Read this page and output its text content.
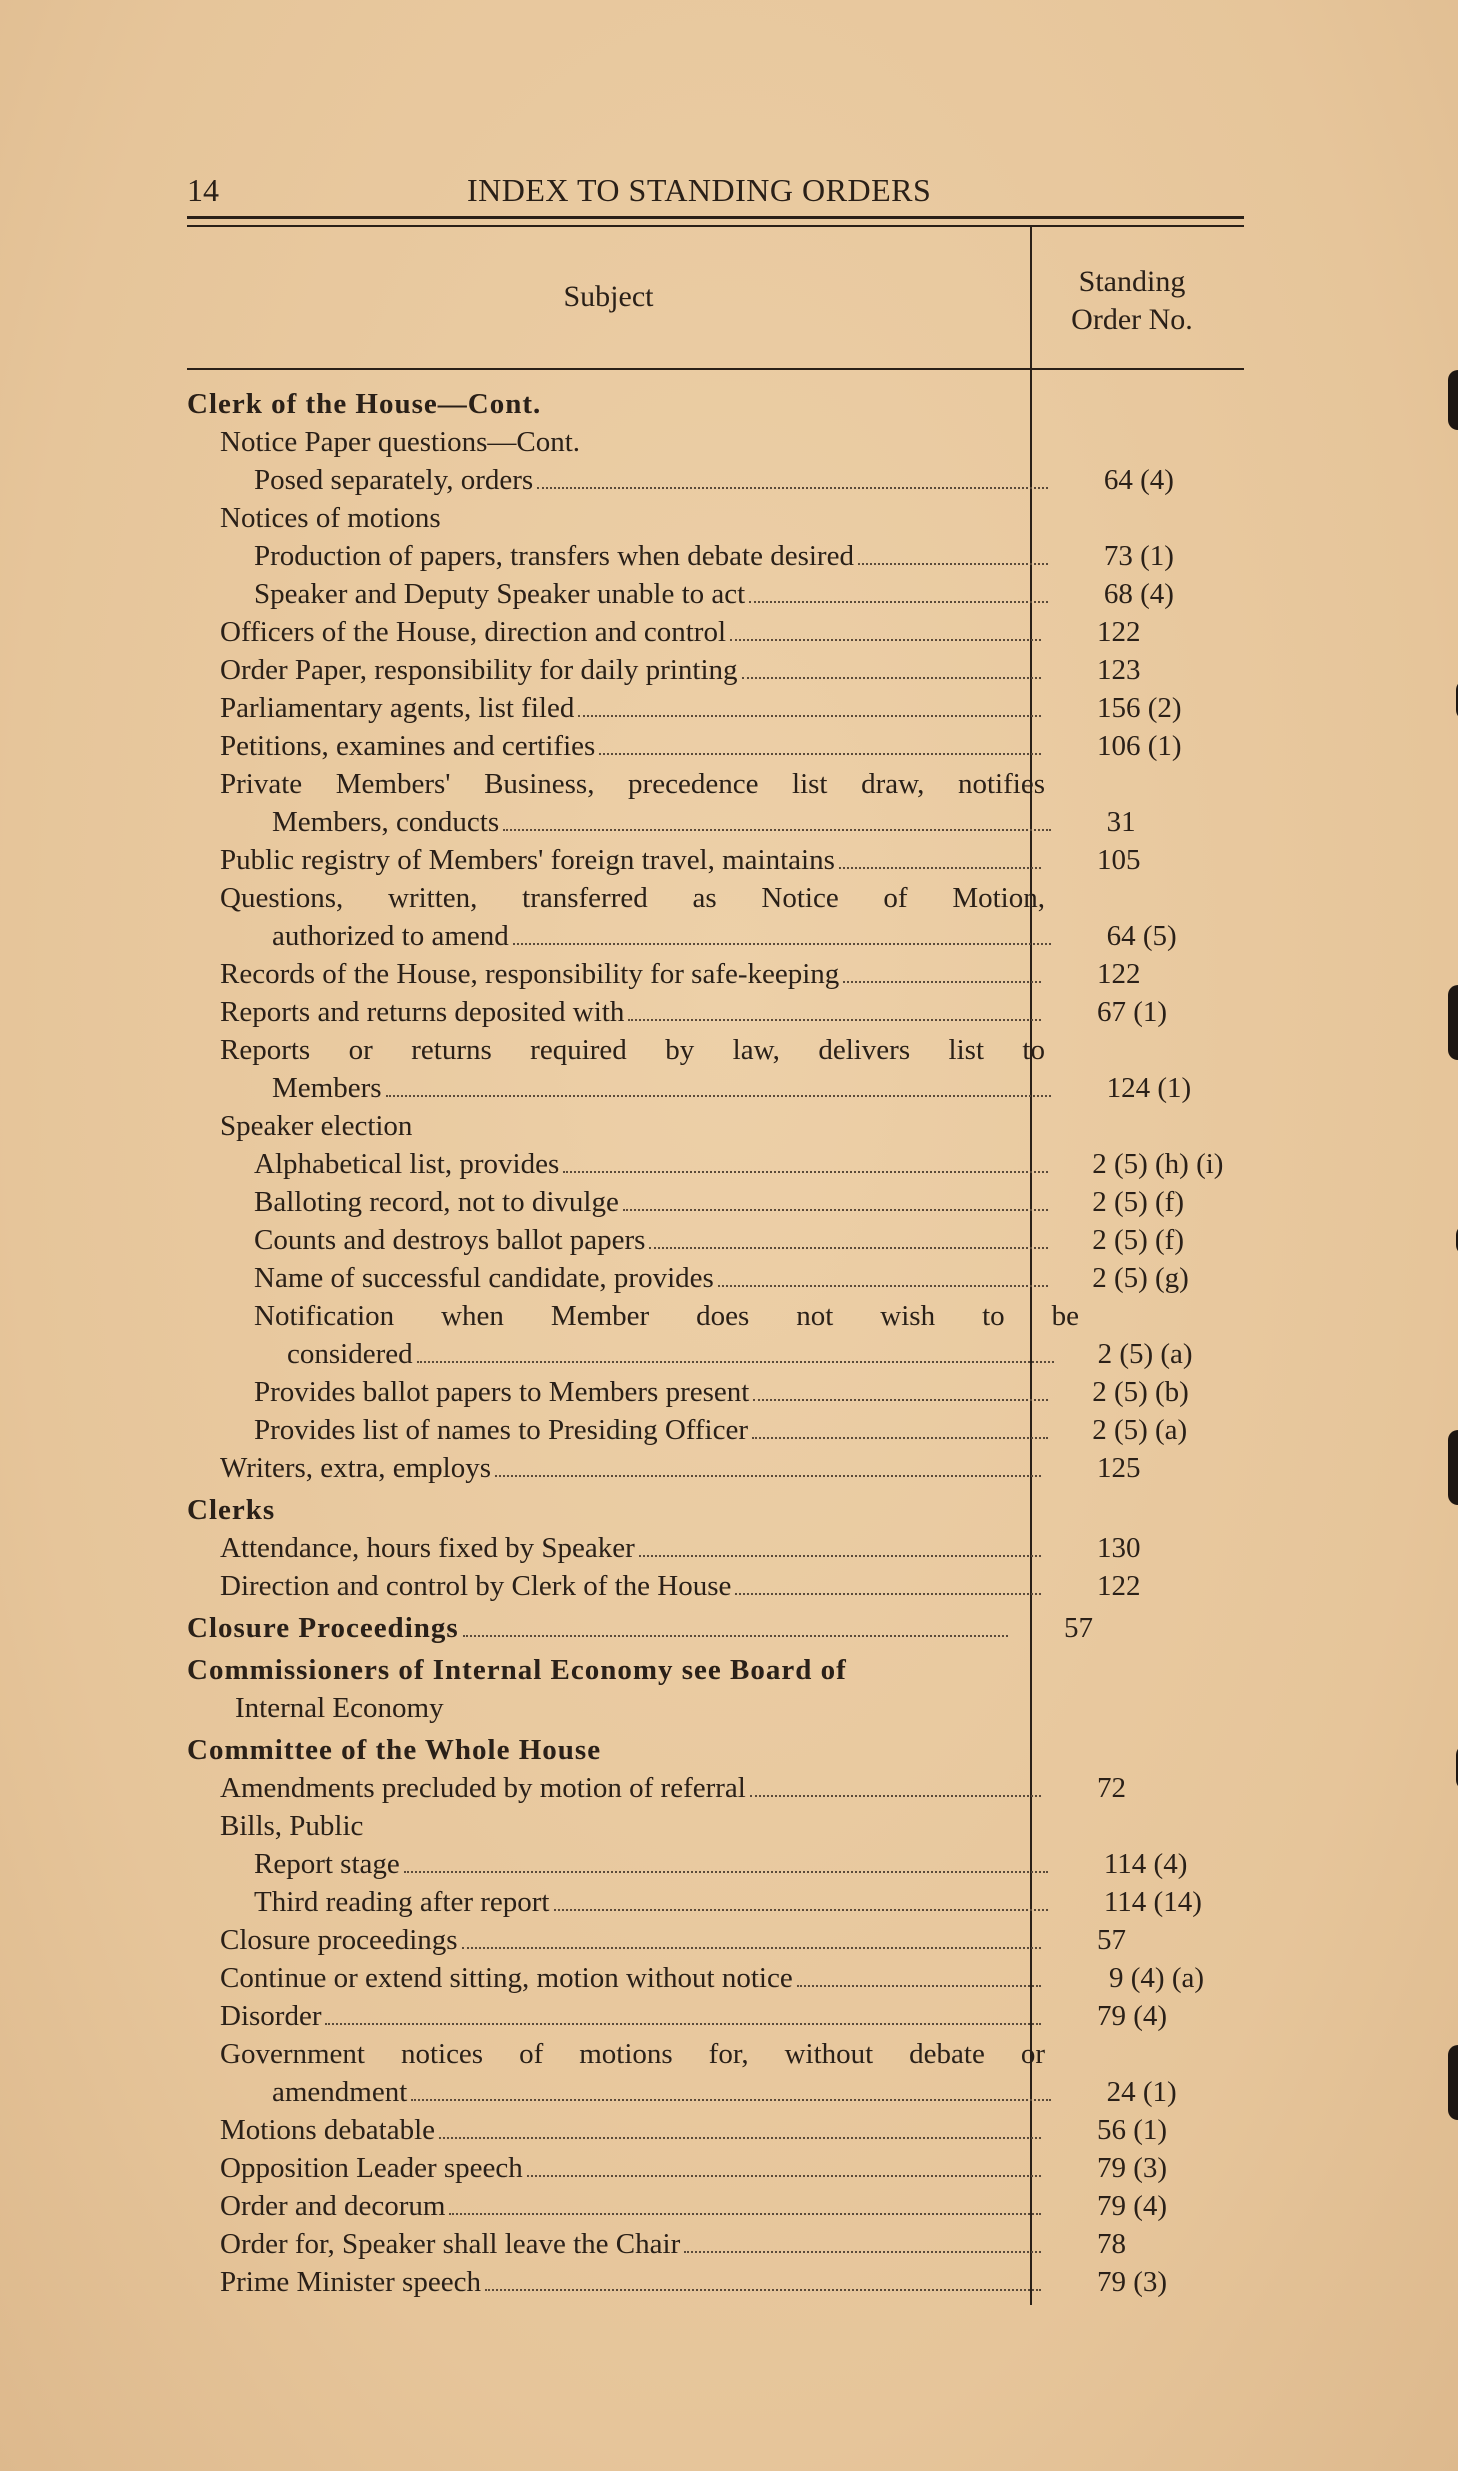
14	INDEX TO STANDING ORDERS
Subject	Standing
Order No.
Clerk of the House—Cont.
Notice Paper questions—Cont.
Posed separately, orders	64 (4)
Notices of motions
Production of papers, transfers when debate desired	73 (1)
Speaker and Deputy Speaker unable to act	68 (4)
Officers of the House, direction and control	122
Order Paper, responsibility for daily printing	123
Parliamentary agents, list filed	156 (2)
Petitions, examines and certifies	106 (1)
Private Members' Business, precedence list draw, notifies
Members, conducts	31
Public registry of Members' foreign travel, maintains	105
Questions, written, transferred as Notice of Motion,
authorized to amend	64 (5)
Records of the House, responsibility for safe-keeping	122
Reports and returns deposited with	67 (1)
Reports or returns required by law, delivers list to
Members	124 (1)
Speaker election
Alphabetical list, provides	2 (5) (h) (i)
Balloting record, not to divulge	2 (5) (f)
Counts and destroys ballot papers	2 (5) (f)
Name of successful candidate, provides	2 (5) (g)
Notification when Member does not wish to be
considered	2 (5) (a)
Provides ballot papers to Members present	2 (5) (b)
Provides list of names to Presiding Officer	2 (5) (a)
Writers, extra, employs	125
Clerks
Attendance, hours fixed by Speaker	130
Direction and control by Clerk of the House	122
Closure Proceedings	57
Commissioners of Internal Economy see Board of
Internal Economy
Committee of the Whole House
Amendments precluded by motion of referral	72
Bills, Public
Report stage	114 (4)
Third reading after report	114 (14)
Closure proceedings	57
Continue or extend sitting, motion without notice	9 (4) (a)
Disorder	79 (4)
Government notices of motions for, without debate or
amendment	24 (1)
Motions debatable	56 (1)
Opposition Leader speech	79 (3)
Order and decorum	79 (4)
Order for, Speaker shall leave the Chair	78
Prime Minister speech	79 (3)
